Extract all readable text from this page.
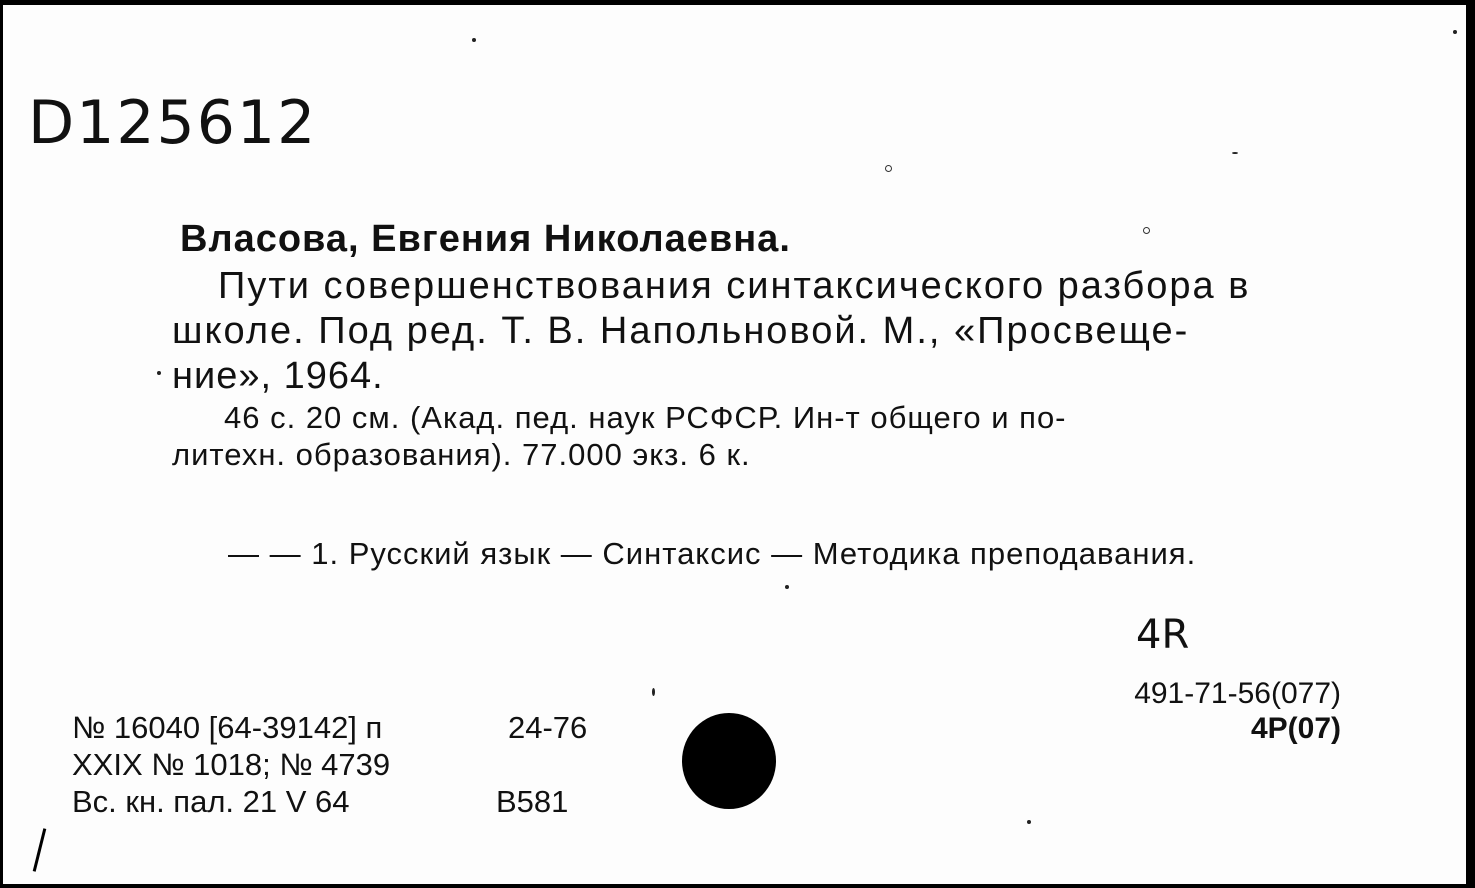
D125612
Власова, Евгения Николаевна.
Пути совершенствования синтаксического разбора в
школе. Под ред. Т. В. Напольновой. М., «Просвеще-
ние», 1964.
46 с. 20 см. (Акад. пед. наук РСФСР. Ин-т общего и по-
литехн. образования). 77.000 экз. 6 к.
— — 1. Русский язык — Синтаксис — Методика преподавания.
4R
491-71-56(077)
4Р(07)
№ 16040 [64-39142] п
XXIX № 1018; № 4739
Вс. кн. пал. 21 V 64
24-76
B581
